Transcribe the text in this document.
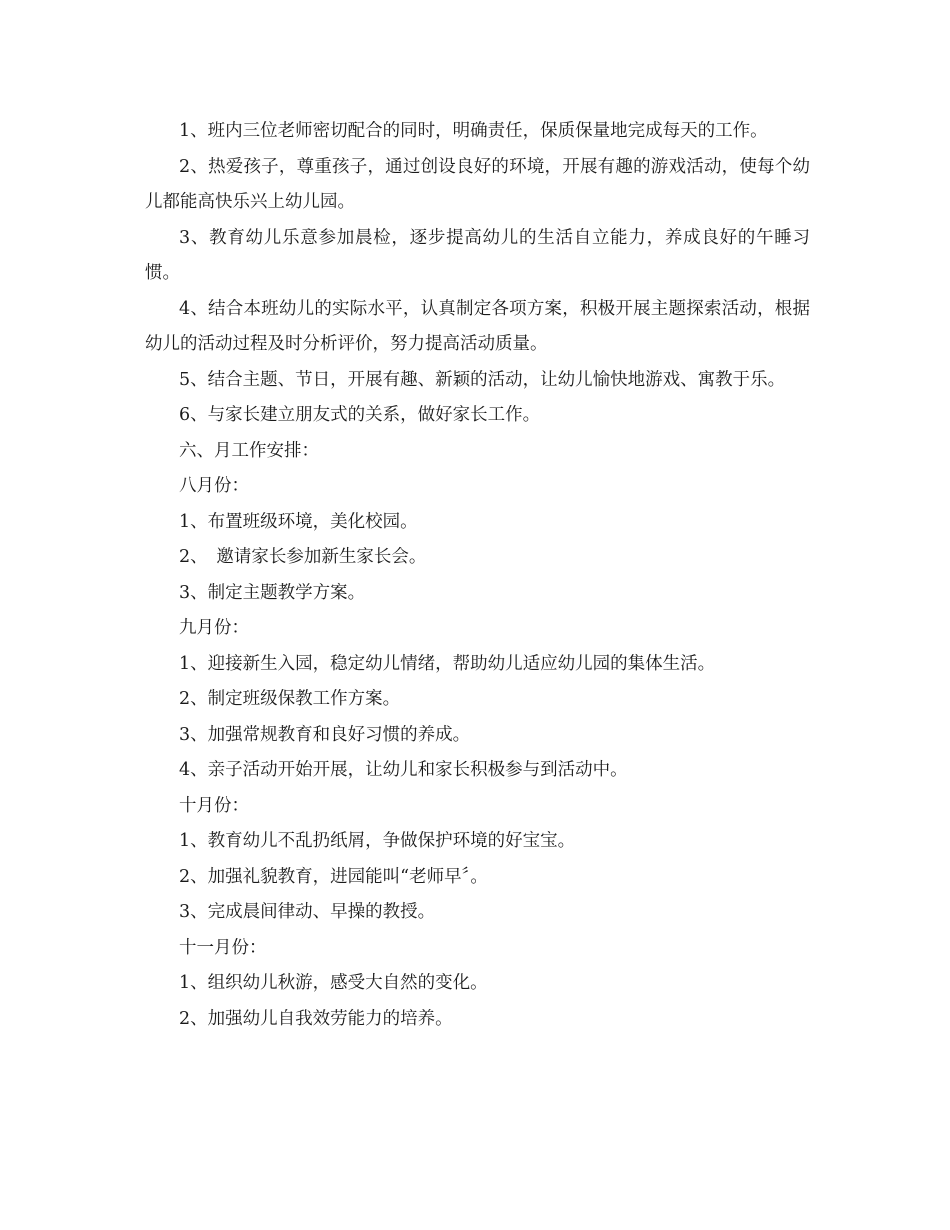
1、班内三位老师密切配合的同时，明确责任，保质保量地完成每天的工作。

2、热爱孩子，尊重孩子，通过创设良好的环境，开展有趣的游戏活动，使每个幼儿都能高快乐兴上幼儿园。

3、教育幼儿乐意参加晨检，逐步提高幼儿的生活自立能力，养成良好的午睡习惯。

4、结合本班幼儿的实际水平，认真制定各项方案，积极开展主题探索活动，根据幼儿的活动过程及时分析评价，努力提高活动质量。

5、结合主题、节日，开展有趣、新颖的活动，让幼儿愉快地游戏、寓教于乐。

6、与家长建立朋友式的关系，做好家长工作。

六、月工作安排：

八月份：

1、布置班级环境，美化校园。

2、　邀请家长参加新生家长会。

3、制定主题教学方案。

九月份：

1、迎接新生入园，稳定幼儿情绪，帮助幼儿适应幼儿园的集体生活。

2、制定班级保教工作方案。

3、加强常规教育和良好习惯的养成。

4、亲子活动开始开展，让幼儿和家长积极参与到活动中。

十月份：

1、教育幼儿不乱扔纸屑，争做保护环境的好宝宝。

2、加强礼貌教育，进园能叫“老师早〞。

3、完成晨间律动、早操的教授。

十一月份：

1、组织幼儿秋游，感受大自然的变化。

2、加强幼儿自我效劳能力的培养。
